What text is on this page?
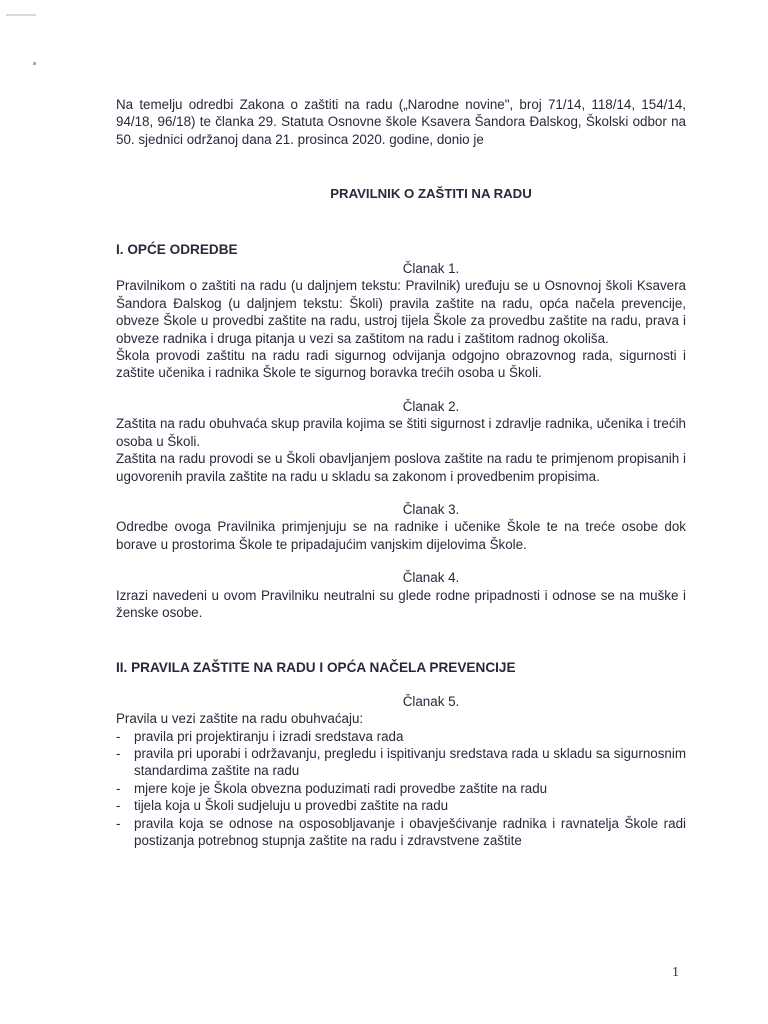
Na temelju odredbi Zakona o zaštiti na radu („Narodne novine", broj 71/14, 118/14, 154/14, 94/18, 96/18) te članka 29. Statuta Osnovne škole Ksavera Šandora Đalskog, Školski odbor na 50. sjednici održanoj dana 21. prosinca 2020. godine, donio je

PRAVILNIK O ZAŠTITI NA RADU

I. OPĆE ODREDBE

Članak 1.

Pravilnikom o zaštiti na radu (u daljnjem tekstu: Pravilnik) uređuju se u Osnovnoj školi Ksavera Šandora Đalskog (u daljnjem tekstu: Školi) pravila zaštite na radu, opća načela prevencije, obveze Škole u provedbi zaštite na radu, ustroj tijela Škole za provedbu zaštite na radu, prava i obveze radnika i druga pitanja u vezi sa zaštitom na radu i zaštitom radnog okoliša.

Škola provodi zaštitu na radu radi sigurnog odvijanja odgojno obrazovnog rada, sigurnosti i zaštite učenika i radnika Škole te sigurnog boravka trećih osoba u Školi.

Članak 2.

Zaštita na radu obuhvaća skup pravila kojima se štiti sigurnost i zdravlje radnika, učenika i trećih osoba u Školi.

Zaštita na radu provodi se u Školi obavljanjem poslova zaštite na radu te primjenom propisanih i ugovorenih pravila zaštite na radu u skladu sa zakonom i provedbenim propisima.

Članak 3.

Odredbe ovoga Pravilnika primjenjuju se na radnike i učenike Škole te na treće osobe dok borave u prostorima Škole te pripadajućim vanjskim dijelovima Škole.

Članak 4.

Izrazi navedeni u ovom Pravilniku neutralni su glede rodne pripadnosti i odnose se na muške i ženske osobe.

II. PRAVILA ZAŠTITE NA RADU I OPĆA NAČELA PREVENCIJE

Članak 5.

Pravila u vezi zaštite na radu obuhvaćaju:

- pravila pri projektiranju i izradi sredstava rada
- pravila pri uporabi i održavanju, pregledu i ispitivanju sredstava rada u skladu sa sigurnosnim standardima zaštite na radu
- mjere koje je Škola obvezna poduzimati radi provedbe zaštite na radu
- tijela koja u Školi sudjeluju u provedbi zaštite na radu
- pravila koja se odnose na osposobljavanje i obavješćivanje radnika i ravnatelja Škole radi postizanja potrebnog stupnja zaštite na radu i zdravstvene zaštite
1
